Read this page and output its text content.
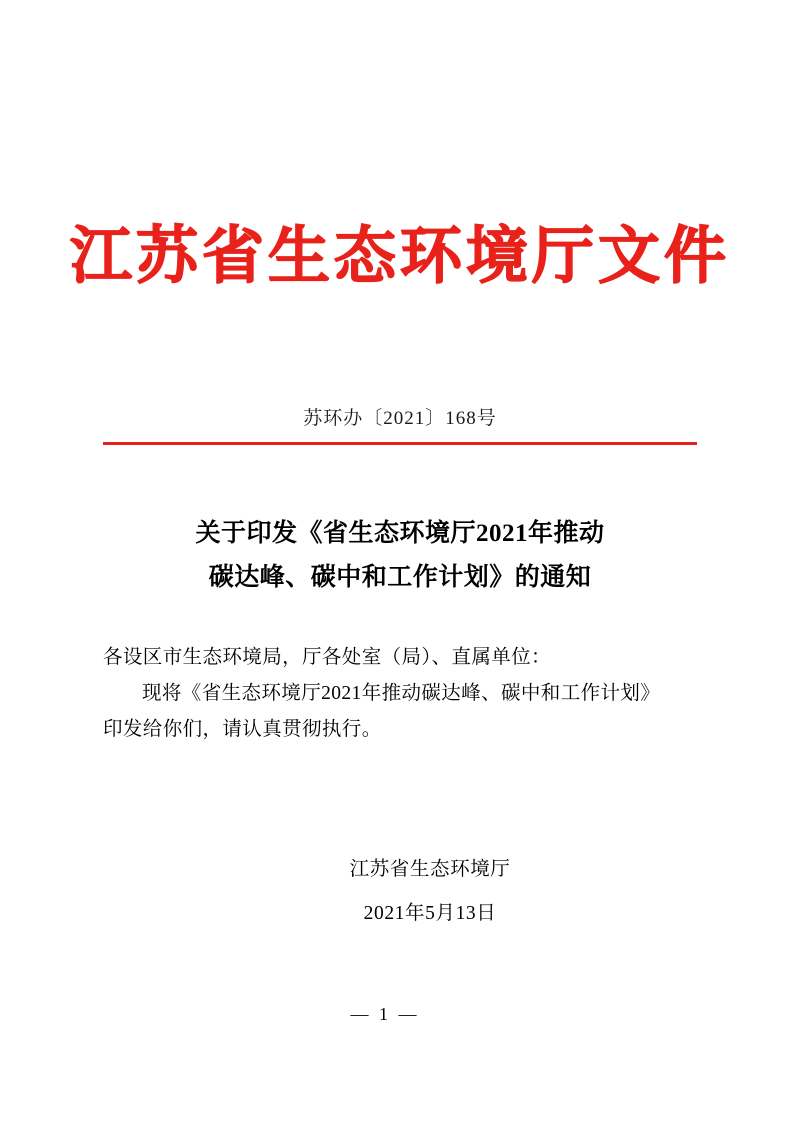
江苏省生态环境厅文件
苏环办〔2021〕168号
关于印发《省生态环境厅2021年推动
碳达峰、碳中和工作计划》的通知

各设区市生态环境局，厅各处室（局）、直属单位：

现将《省生态环境厅2021年推动碳达峰、碳中和工作计划》

印发给你们，请认真贯彻执行。

江苏省生态环境厅
2021年5月13日
— 1 —
